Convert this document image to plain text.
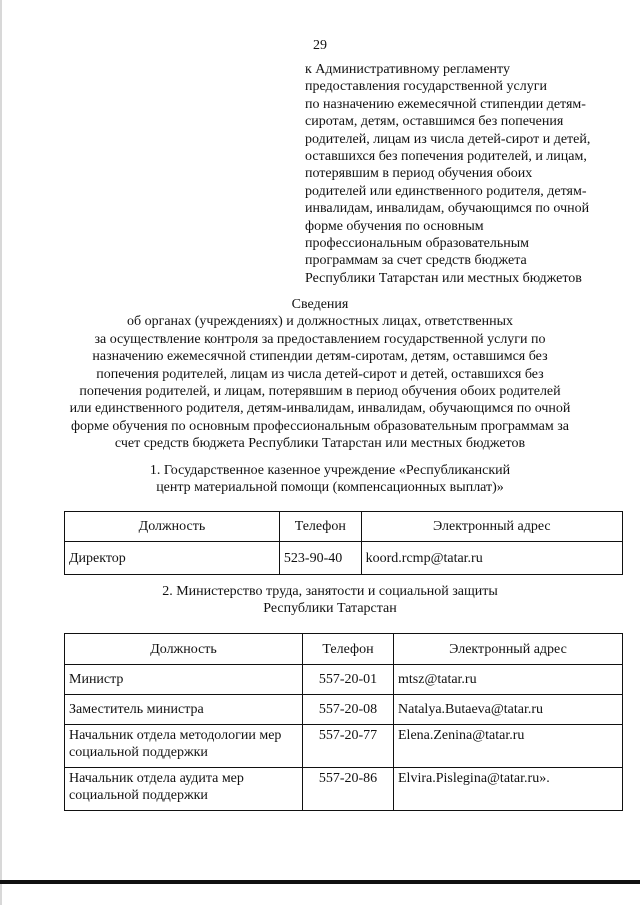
29
к Административному регламенту
предоставления государственной услуги
по назначению ежемесячной стипендии детям-
сиротам, детям, оставшимся без попечения
родителей, лицам из числа детей-сирот и детей,
оставшихся без попечения родителей, и лицам,
потерявшим в период обучения обоих
родителей или единственного родителя, детям-
инвалидам, инвалидам, обучающимся по очной
форме обучения по основным
профессиональным образовательным
программам за счет средств бюджета
Республики Татарстан или местных бюджетов
Сведения
об органах (учреждениях) и должностных лицах, ответственных
за осуществление контроля за предоставлением государственной услуги по
назначению ежемесячной стипендии детям-сиротам, детям, оставшимся без
попечения родителей, лицам из числа детей-сирот и детей, оставшихся без
попечения родителей, и лицам, потерявшим в период обучения обоих родителей
или единственного родителя, детям-инвалидам, инвалидам, обучающимся по очной
форме обучения по основным профессиональным образовательным программам за
счет средств бюджета Республики Татарстан или местных бюджетов
1. Государственное казенное учреждение «Республиканский
центр материальной помощи (компенсационных выплат)»
Должность	Телефон	Электронный адрес
Директор	523-90-40	koord.rcmp@tatar.ru
2. Министерство труда, занятости и социальной защиты
Республики Татарстан
Должность	Телефон	Электронный адрес
Министр	557-20-01	mtsz@tatar.ru
Заместитель министра	557-20-08	Natalya.Butaeva@tatar.ru
Начальник отдела методологии мер социальной поддержки	557-20-77	Elena.Zenina@tatar.ru
Начальник отдела аудита мер социальной поддержки	557-20-86	Elvira.Pislegina@tatar.ru».
